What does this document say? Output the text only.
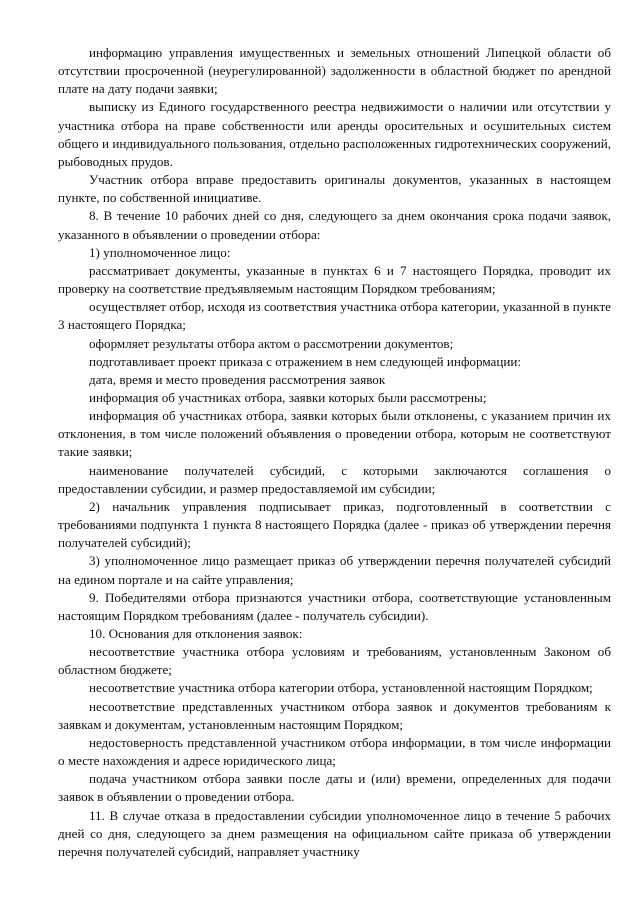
информацию управления имущественных и земельных отношений Липецкой области об отсутствии просроченной (неурегулированной) задолженности в областной бюджет по арендной плате на дату подачи заявки;

выписку из Единого государственного реестра недвижимости о наличии или отсутствии у участника отбора на праве собственности или аренды оросительных и осушительных систем общего и индивидуального пользования, отдельно расположенных гидротехнических сооружений, рыбоводных прудов.

Участник отбора вправе предоставить оригиналы документов, указанных в настоящем пункте, по собственной инициативе.

8. В течение 10 рабочих дней со дня, следующего за днем окончания срока подачи заявок, указанного в объявлении о проведении отбора:

1) уполномоченное лицо:

рассматривает документы, указанные в пунктах 6 и 7 настоящего Порядка, проводит их проверку на соответствие предъявляемым настоящим Порядком требованиям;

осуществляет отбор, исходя из соответствия участника отбора категории, указанной в пункте 3 настоящего Порядка;

оформляет результаты отбора актом о рассмотрении документов;

подготавливает проект приказа с отражением в нем следующей информации:

дата, время и место проведения рассмотрения заявок

информация об участниках отбора, заявки которых были рассмотрены;

информация об участниках отбора, заявки которых были отклонены, с указанием причин их отклонения, в том числе положений объявления о проведении отбора, которым не соответствуют такие заявки;

наименование получателей субсидий, с которыми заключаются соглашения о предоставлении субсидии, и размер предоставляемой им субсидии;

2) начальник управления подписывает приказ, подготовленный в соответствии с требованиями подпункта 1 пункта 8 настоящего Порядка (далее - приказ об утверждении перечня получателей субсидий);

3) уполномоченное лицо размещает приказ об утверждении перечня получателей субсидий на едином портале и на сайте управления;

9. Победителями отбора признаются участники отбора, соответствующие установленным настоящим Порядком требованиям (далее - получатель субсидии).

10. Основания для отклонения заявок:

несоответствие участника отбора условиям и требованиям, установленным Законом об областном бюджете;

несоответствие участника отбора категории отбора, установленной настоящим Порядком;

несоответствие представленных участником отбора заявок и документов требованиям к заявкам и документам, установленным настоящим Порядком;

недостоверность представленной участником отбора информации, в том числе информации о месте нахождения и адресе юридического лица;

подача участником отбора заявки после даты и (или) времени, определенных для подачи заявок в объявлении о проведении отбора.

11. В случае отказа в предоставлении субсидии уполномоченное лицо в течение 5 рабочих дней со дня, следующего за днем размещения на официальном сайте приказа об утверждении перечня получателей субсидий, направляет участнику
